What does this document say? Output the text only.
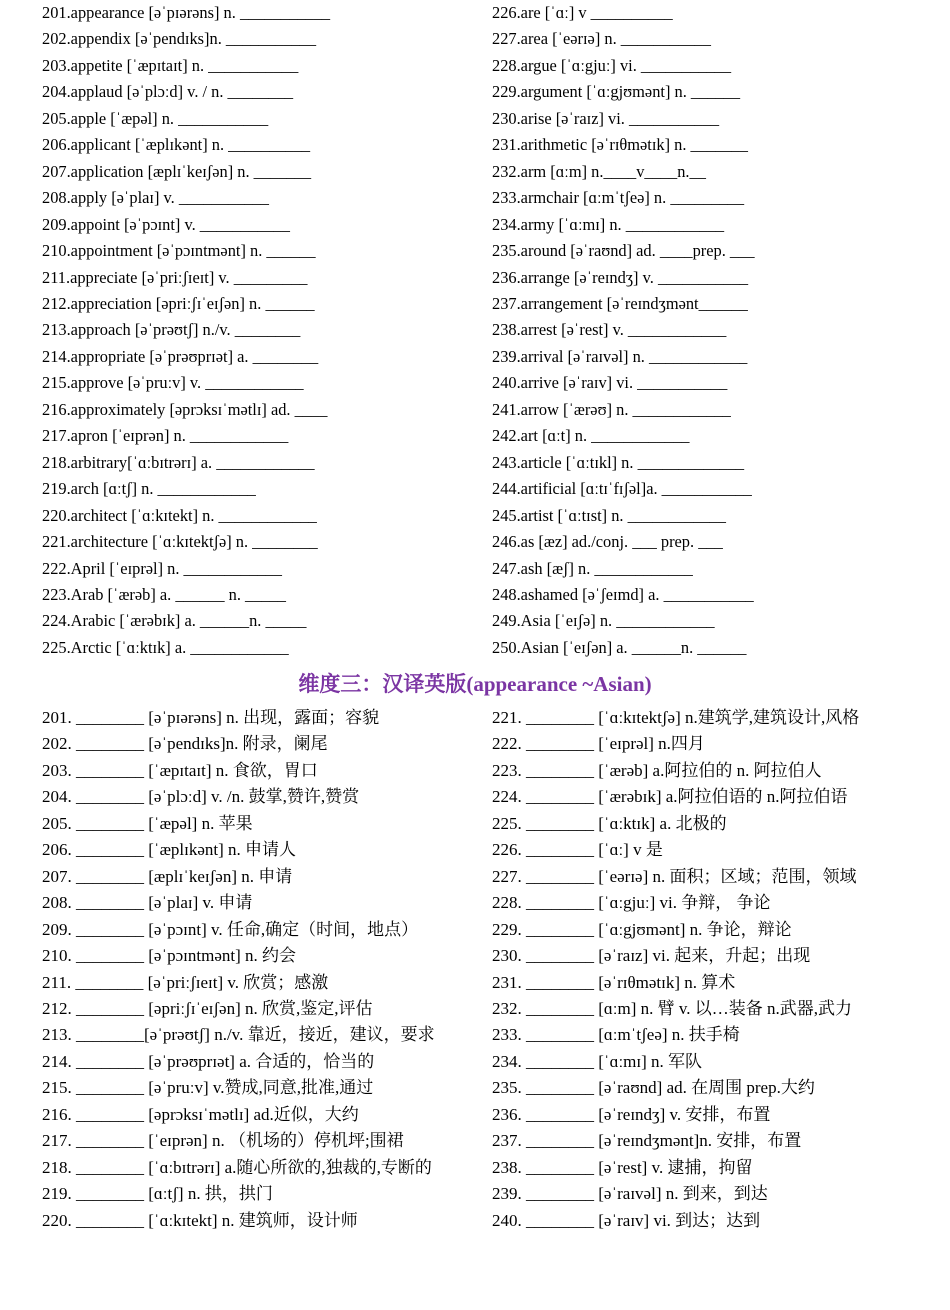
201.appearance [əˈpɪərəns] n. ___________
202.appendix [əˈpendɪks]n. ___________
203.appetite [ˈæpɪtaɪt] n. ___________
204.applaud [əˈplɔːd] v. / n. ________
205.apple [ˈæpəl] n. ___________
206.applicant [ˈæplɪkənt] n. __________
207.application [æplɪˈkeɪʃən] n. _______
208.apply [əˈplaɪ] v. ___________
209.appoint [əˈpɔɪnt] v. ___________
210.appointment [əˈpɔɪntmənt] n. ______
211.appreciate [əˈpriːʃɪeɪt] v. _________
212.appreciation [əpriːʃɪˈeɪʃən] n. ______
213.approach [əˈprəʊtʃ] n./v. ________
214.appropriate [əˈprəʊprɪət] a. ________
215.approve [əˈpruːv] v. ____________
216.approximately [əprɔksɪˈmətlɪ] ad. ____
217.apron [ˈeɪprən] n. ____________
218.arbitrary[ˈɑːbɪtrərɪ] a. ____________
219.arch [ɑːtʃ] n. ____________
220.architect [ˈɑːkɪtekt] n. ____________
221.architecture [ˈɑːkɪtektʃə] n. ________
222.April [ˈeɪprəl] n. ____________
223.Arab [ˈærəb] a. ______ n. _____
224.Arabic [ˈærəbɪk] a. ______n. _____
225.Arctic [ˈɑːktɪk] a. ____________
226.are [ˈɑː] v __________
227.area [ˈeərɪə] n. ___________
228.argue [ˈɑːgjuː] vi. ___________
229.argument [ˈɑːgjʊmənt] n. ______
230.arise [əˈraɪz] vi. ___________
231.arithmetic [əˈrɪθmətɪk] n. _______
232.arm [ɑːm] n.____v____n.__
233.armchair [ɑːmˈtʃeə] n. _________
234.army [ˈɑːmɪ] n. ____________
235.around [əˈraʊnd] ad. ____prep. ___
236.arrange [əˈreɪndʒ] v. ___________
237.arrangement [əˈreɪndʒmənt______
238.arrest [əˈrest] v. ____________
239.arrival [əˈraɪvəl] n. ____________
240.arrive [əˈraɪv] vi. ___________
241.arrow [ˈærəʊ] n. ____________
242.art [ɑːt] n. ____________
243.article [ˈɑːtɪkl] n. _____________
244.artificial [ɑːtɪˈfɪʃəl]a. ___________
245.artist [ˈɑːtɪst] n. ____________
246.as [æz] ad./conj. ___ prep. ___
247.ash [æʃ] n. ____________
248.ashamed [əˈʃeɪmd] a. ___________
249.Asia [ˈeɪʃə] n. ____________
250.Asian [ˈeɪʃən] a. ______n. ______
维度三：汉译英版(appearance ~Asian)
201. ________ [əˈpɪərəns] n. 出现，露面；容貌
202. ________ [əˈpendɪks]n. 附录，阑尾
203. ________ [ˈæpɪtaɪt] n. 食欲，胃口
204. ________ [əˈplɔːd] v. /n. 鼓掌,赞许,赞赏
205. ________ [ˈæpəl] n. 苹果
206. ________ [ˈæplɪkənt] n. 申请人
207. ________ [æplɪˈkeɪʃən] n. 申请
208. ________ [əˈplaɪ] v. 申请
209. ________ [əˈpɔɪnt] v. 任命,确定（时间，地点）
210. ________ [əˈpɔɪntmənt] n. 约会
211. ________ [əˈpriːʃɪeɪt] v. 欣赏；感激
212. ________ [əpriːʃɪˈeɪʃən] n. 欣赏,鉴定,评估
213. ________[əˈprəʊtʃ] n./v. 靠近，接近，建议，要求
214. ________ [əˈprəʊprɪət] a. 合适的，恰当的
215. ________ [əˈpruːv] v.赞成,同意,批准,通过
216. ________ [əprɔksɪˈmətlɪ] ad.近似，大约
217. ________ [ˈeɪprən] n. （机场的）停机坪;围裙
218. ________ [ˈɑːbɪtrərɪ] a.随心所欲的,独裁的,专断的
219. ________ [ɑːtʃ] n. 拱，拱门
220. ________ [ˈɑːkɪtekt] n. 建筑师，设计师
221. ________ [ˈɑːkɪtektʃə] n.建筑学,建筑设计,风格
222. ________ [ˈeɪprəl] n.四月
223. ________ [ˈærəb] a.阿拉伯的 n. 阿拉伯人
224. ________ [ˈærəbɪk] a.阿拉伯语的 n.阿拉伯语
225. ________ [ˈɑːktɪk] a. 北极的
226. ________ [ˈɑː] v 是
227. ________ [ˈeərɪə] n. 面积；区域；范围，领域
228. ________ [ˈɑːgjuː] vi. 争辩， 争论
229. ________ [ˈɑːgjʊmənt] n. 争论，辩论
230. ________ [əˈraɪz] vi. 起来，升起；出现
231. ________ [əˈrɪθmətɪk] n. 算术
232. ________ [ɑːm] n. 臂 v. 以…装备 n.武器,武力
233. ________ [ɑːmˈtʃeə] n. 扶手椅
234. ________ [ˈɑːmɪ] n. 军队
235. ________ [əˈraʊnd] ad. 在周围 prep.大约
236. ________ [əˈreɪndʒ] v. 安排，布置
237. ________ [əˈreɪndʒmənt]n. 安排，布置
238. ________ [əˈrest] v. 逮捕，拘留
239. ________ [əˈraɪvəl] n. 到来，到达
240. ________ [əˈraɪv] vi. 到达；达到
